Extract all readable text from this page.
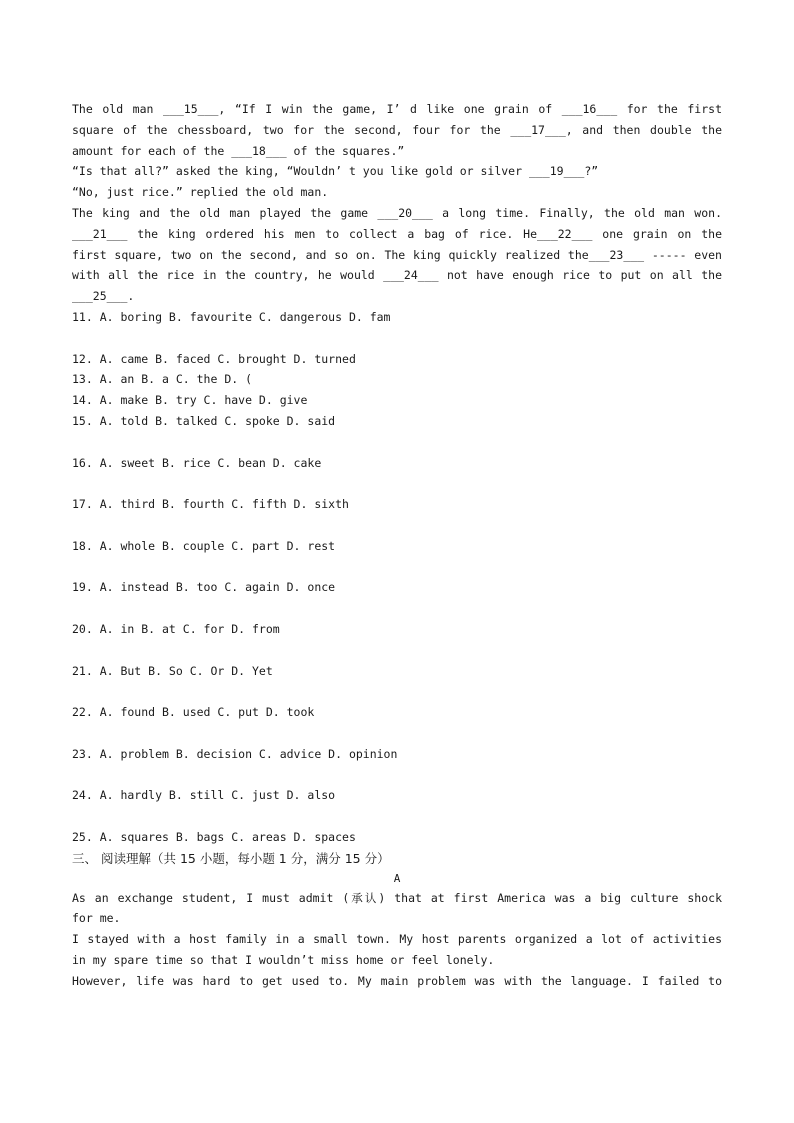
The old man ___15___, “If I win the game, I’ d like one grain of ___16___ for the first

square of the chessboard, two for the second, four for the ___17___, and then double the

amount for each of the ___18___ of the squares.”

“Is that all?” asked the king, “Wouldn’ t you like gold or silver ___19___?”

“No, just rice.” replied the old man.

The king and the old man played the game ___20___ a long time. Finally, the old man won.

___21___ the king ordered his men to collect a bag of rice. He___22___ one grain on the

first square, two on the second, and so on. The king quickly realized the___23___ ----- even

with all the rice in the country, he would ___24___ not have enough rice to put on all the

___25___.

11. A. boring B. favourite C. dangerous D. fam

12. A. came B. faced C. brought D. turned

13. A. an B. a C. the D. (

14. A. make B. try C. have D. give

15. A. told B. talked C. spoke D. said

16. A. sweet B. rice C. bean D. cake

17. A. third B. fourth C. fifth D. sixth

18. A. whole B. couple C. part D. rest

19. A. instead B. too C. again D. once

20. A. in B. at C. for D. from

21. A. But B. So C. Or D. Yet

22. A. found B. used C. put D. took

23. A. problem B. decision C. advice D. opinion

24. A. hardly B. still C. just D. also

25. A. squares B. bags C. areas D. spaces

三、 阅读理解（共 15 小题，每小题 1 分，满分 15 分）

A

As an exchange student, I must admit (承认) that at first America was a big culture shock

for me.

I stayed with a host family in a small town. My host parents organized a lot of activities

in my spare time so that I wouldn’t miss home or feel lonely.

However, life was hard to get used to. My main problem was with the language. I failed to
